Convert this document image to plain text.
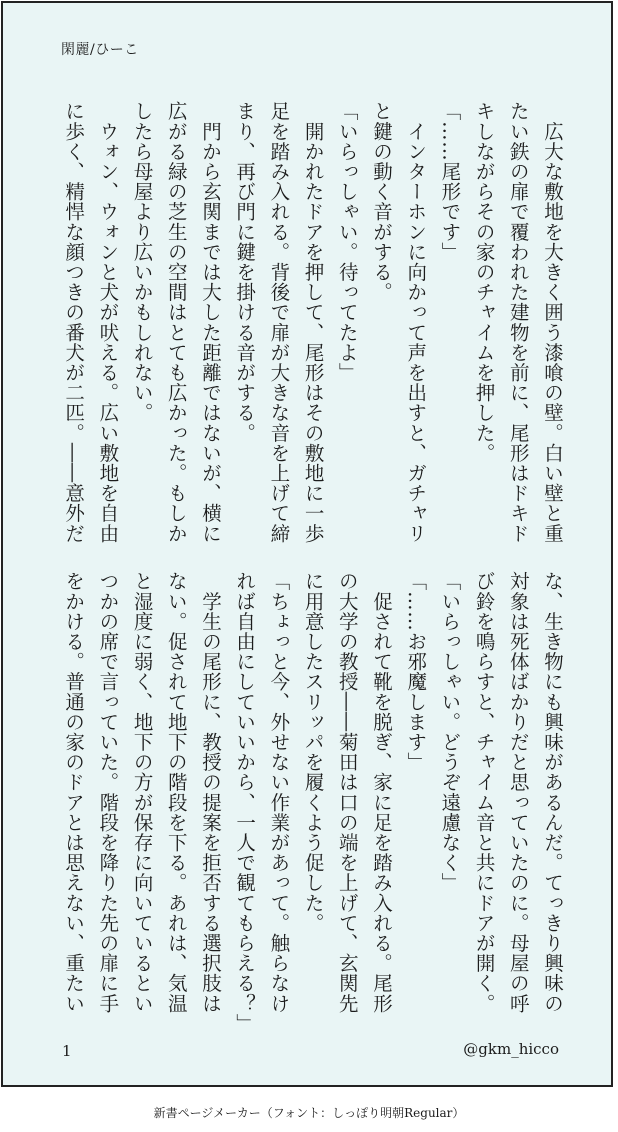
閑麗/ひーこ
　広大な敷地を大きく囲う漆喰の壁。白い壁と重
たい鉄の扉で覆われた建物を前に、尾形はドキド
キしながらその家のチャイムを押した。
「……尾形です」
　インターホンに向かって声を出すと、ガチャリ
と鍵の動く音がする。
「いらっしゃい。待ってたよ」
　開かれたドアを押して、尾形はその敷地に一歩
足を踏み入れる。背後で扉が大きな音を上げて締
まり、再び門に鍵を掛ける音がする。
　門から玄関までは大した距離ではないが、横に
広がる緑の芝生の空間はとても広かった。もしか
したら母屋より広いかもしれない。
　ウォン、ウォンと犬が吠える。広い敷地を自由
に歩く、精悍な顔つきの番犬が二匹。――意外だ
な、生き物にも興味があるんだ。てっきり興味の
対象は死体ばかりだと思っていたのに。母屋の呼
び鈴を鳴らすと、チャイム音と共にドアが開く。
「いらっしゃい。どうぞ遠慮なく」
「……お邪魔します」
　促されて靴を脱ぎ、家に足を踏み入れる。尾形
の大学の教授――菊田は口の端を上げて、玄関先
に用意したスリッパを履くよう促した。
「ちょっと今、外せない作業があって。触らなけ
れば自由にしていいから、一人で観てもらえる？」
　学生の尾形に、教授の提案を拒否する選択肢は
ない。促されて地下の階段を下る。あれは、気温
と湿度に弱く、地下の方が保存に向いているとい
つかの席で言っていた。階段を降りた先の扉に手
をかける。普通の家のドアとは思えない、重たい
1	@gkm_hicco
新書ページメーカー（フォント：しっぽり明朝Regular）
